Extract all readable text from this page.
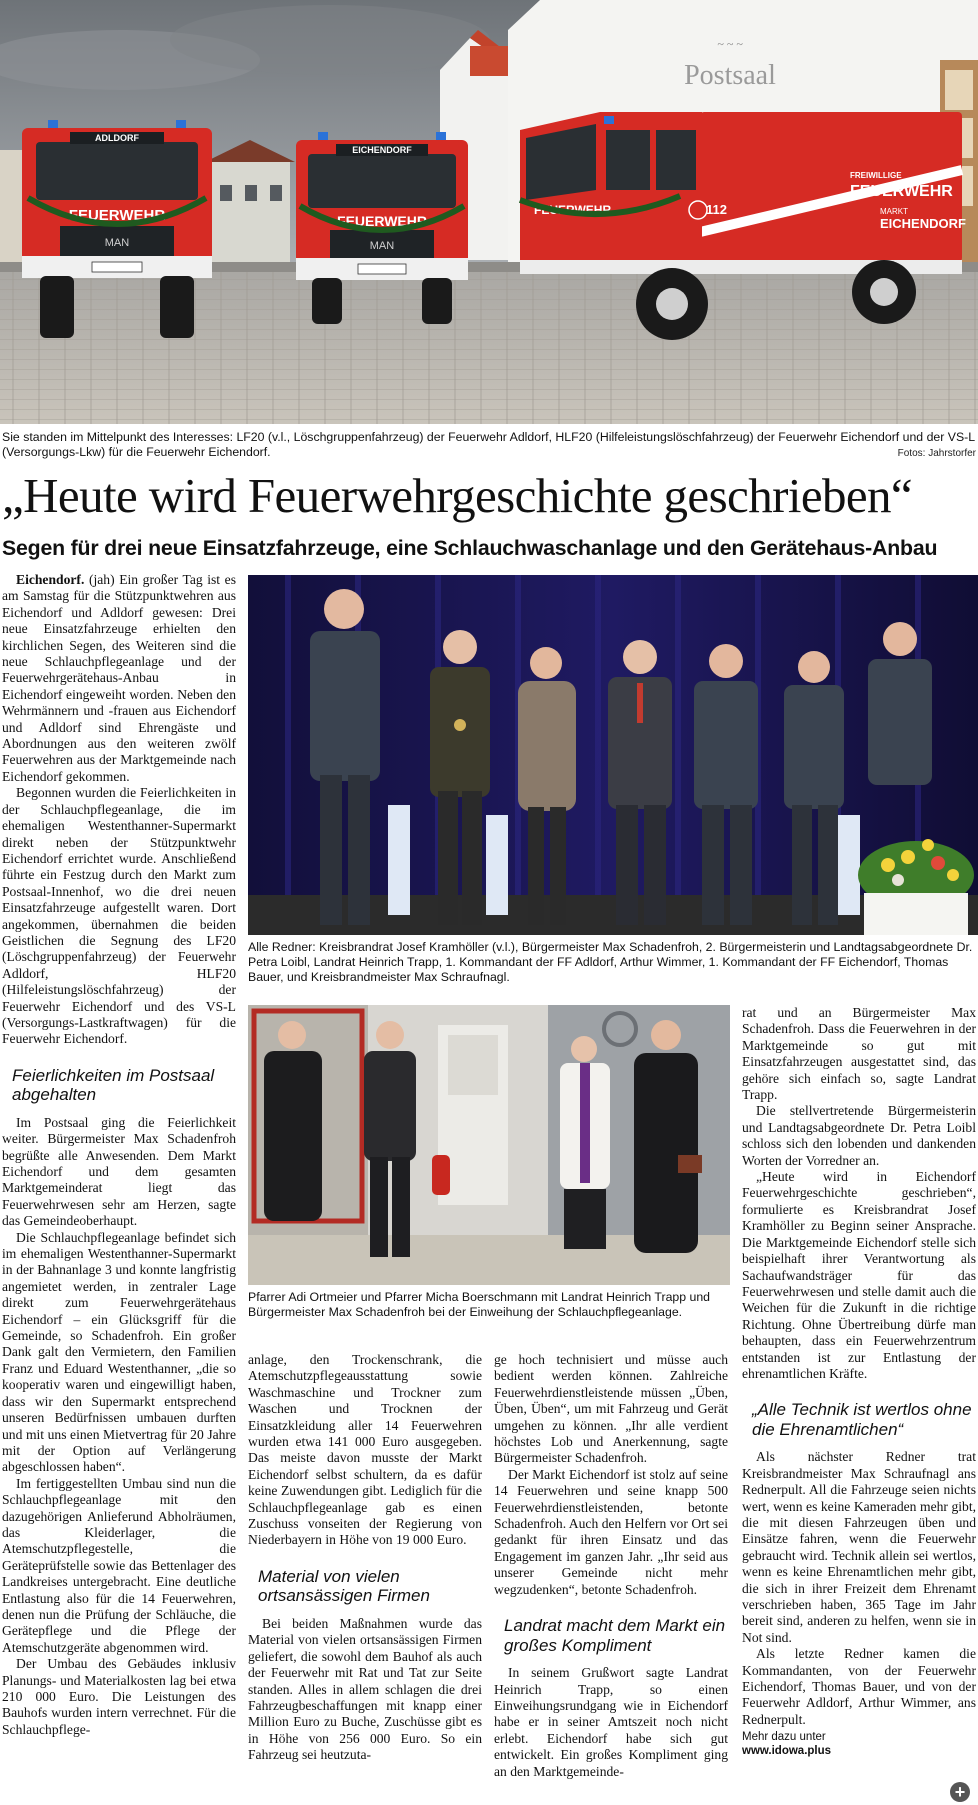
~ ~ ~
Postsaal
ADLDORF
FEUERWEHR
MAN
EICHENDORF
FEUERWEHR
MAN
FREIWILLIGE
FEUERWEHR
MARKT
EICHENDORF
FEUERWEHR	112
Sie standen im Mittelpunkt des Interesses: LF20 (v.l., Löschgruppenfahrzeug) der Feuerwehr Adldorf, HLF20 (Hilfeleistungslöschfahrzeug) der Feuerwehr Eichendorf und der VS-L (Versorgungs-Lkw) für die Feuerwehr Eichendorf.	Fotos: Jahrstorfer
„Heute wird Feuerwehrgeschichte geschrieben“
Segen für drei neue Einsatzfahrzeuge, eine Schlauchwaschanlage und den Gerätehaus-Anbau
Alle Redner: Kreisbrandrat Josef Kramhöller (v.l.), Bürgermeister Max Schadenfroh, 2. Bürgermeisterin und Landtagsabgeordnete Dr. Petra Loibl, Landrat Heinrich Trapp, 1. Kommandant der FF Adldorf, Arthur Wimmer, 1. Kommandant der FF Eichendorf, Thomas Bauer, und Kreisbrandmeister Max Schraufnagl.
Pfarrer Adi Ortmeier und Pfarrer Micha Boerschmann mit Landrat Heinrich Trapp und Bürgermeister Max Schadenfroh bei der Einweihung der Schlauchpflegeanlage.

Eichendorf. (jah) Ein großer Tag ist es am Samstag für die Stützpunktwehren aus Eichendorf und Adldorf gewesen: Drei neue Einsatzfahrzeuge erhielten den kirchlichen Segen, des Weiteren sind die neue Schlauchpflegeanlage und der Feuerwehrgerätehaus-Anbau in Eichendorf eingeweiht worden. Neben den Wehrmännern und -frauen aus Eichendorf und Adldorf sind Ehrengäste und Abordnungen aus den weiteren zwölf Feuerwehren aus der Marktgemeinde nach Eichendorf gekommen.

Begonnen wurden die Feierlichkeiten in der Schlauchpflegeanlage, die im ehemaligen Westenthanner-Supermarkt direkt neben der Stützpunktwehr Eichendorf errichtet wurde. Anschließend führte ein Festzug durch den Markt zum Postsaal-Innenhof, wo die drei neuen Einsatzfahrzeuge aufgestellt waren. Dort angekommen, übernahmen die beiden Geistlichen die Segnung des LF20 (Löschgruppenfahrzeug) der Feuerwehr Adldorf, HLF20 (Hilfeleistungslöschfahrzeug) der Feuerwehr Eichendorf und des VS-L (Versorgungs-Lastkraftwagen) für die Feuerwehr Eichendorf.

Feierlichkeiten im Postsaal abgehalten

Im Postsaal ging die Feierlichkeit weiter. Bürgermeister Max Schadenfroh begrüßte alle Anwesenden. Dem Markt Eichendorf und dem gesamten Marktgemeinderat liegt das Feuerwehrwesen sehr am Herzen, sagte das Gemeindeoberhaupt.

Die Schlauchpflegeanlage befindet sich im ehemaligen Westenthanner-Supermarkt in der Bahnanlage 3 und konnte langfristig angemietet werden, in zentraler Lage direkt zum Feuerwehrgerätehaus Eichendorf – ein Glücksgriff für die Gemeinde, so Schadenfroh. Ein großer Dank galt den Vermietern, den Familien Franz und Eduard Westenthanner, „die so kooperativ waren und eingewilligt haben, dass wir den Supermarkt entsprechend unseren Bedürfnissen umbauen durften und mit uns einen Mietvertrag für 20 Jahre mit der Option auf Verlängerung abgeschlossen haben“.

Im fertiggestellten Umbau sind nun die Schlauchpflegeanlage mit den dazugehörigen Anlieferund Abholräumen, das Kleiderlager, die Atemschutzpflegestelle, die Geräteprüfstelle sowie das Bettenlager des Landkreises untergebracht. Eine deutliche Entlastung also für die 14 Feuerwehren, denen nun die Prüfung der Schläuche, die Gerätepflege und die Pflege der Atemschutzgeräte abgenommen wird.

Der Umbau des Gebäudes inklusiv Planungs- und Materialkosten lag bei etwa 210 000 Euro. Die Leistungen des Bauhofs wurden intern verrechnet. Für die Schlauchpflege-

anlage, den Trockenschrank, die Atemschutzpflegeausstattung sowie Waschmaschine und Trockner zum Waschen und Trocknen der Einsatzkleidung aller 14 Feuerwehren wurden etwa 141 000 Euro ausgegeben. Das meiste davon musste der Markt Eichendorf selbst schultern, da es dafür keine Zuwendungen gibt. Lediglich für die Schlauchpflegeanlage gab es einen Zuschuss vonseiten der Regierung von Niederbayern in Höhe von 19 000 Euro.

Material von vielen ortsansässigen Firmen

Bei beiden Maßnahmen wurde das Material von vielen ortsansässigen Firmen geliefert, die sowohl dem Bauhof als auch der Feuerwehr mit Rat und Tat zur Seite standen. Alles in allem schlagen die drei Fahrzeugbeschaffungen mit knapp einer Million Euro zu Buche, Zuschüsse gibt es in Höhe von 256 000 Euro. So ein Fahrzeug sei heutzuta-

ge hoch technisiert und müsse auch bedient werden können. Zahlreiche Feuerwehrdienstleistende müssen „Üben, Üben, Üben“, um mit Fahrzeug und Gerät umgehen zu können. „Ihr alle verdient höchstes Lob und Anerkennung, sagte Bürgermeister Schadenfroh.

Der Markt Eichendorf ist stolz auf seine 14 Feuerwehren und seine knapp 500 Feuerwehrdienstleistenden, betonte Schadenfroh. Auch den Helfern vor Ort sei gedankt für ihren Einsatz und das Engagement im ganzen Jahr. „Ihr seid aus unserer Gemeinde nicht mehr wegzudenken“, betonte Schadenfroh.

Landrat macht dem Markt ein großes Kompliment

In seinem Grußwort sagte Landrat Heinrich Trapp, so einen Einweihungsrundgang wie in Eichendorf habe er in seiner Amtszeit noch nicht erlebt. Eichendorf habe sich gut entwickelt. Ein großes Kompliment ging an den Marktgemeinde-

rat und an Bürgermeister Max Schadenfroh. Dass die Feuerwehren in der Marktgemeinde so gut mit Einsatzfahrzeugen ausgestattet sind, das gehöre sich einfach so, sagte Landrat Trapp.

Die stellvertretende Bürgermeisterin und Landtagsabgeordnete Dr. Petra Loibl schloss sich den lobenden und dankenden Worten der Vorredner an.

„Heute wird in Eichendorf Feuerwehrgeschichte geschrieben“, formulierte es Kreisbrandrat Josef Kramhöller zu Beginn seiner Ansprache. Die Marktgemeinde Eichendorf stelle sich beispielhaft ihrer Verantwortung als Sachaufwandsträger für das Feuerwehrwesen und stelle damit auch die Weichen für die Zukunft in die richtige Richtung. Ohne Übertreibung dürfe man behaupten, dass ein Feuerwehrzentrum entstanden ist zur Entlastung der ehrenamtlichen Kräfte.

„Alle Technik ist wertlos ohne die Ehrenamtlichen“

Als nächster Redner trat Kreisbrandmeister Max Schraufnagl ans Rednerpult. All die Fahrzeuge seien nichts wert, wenn es keine Kameraden mehr gibt, die mit diesen Fahrzeugen üben und Einsätze fahren, wenn die Feuerwehr gebraucht wird. Technik allein sei wertlos, wenn es keine Ehrenamtlichen mehr gibt, die sich in ihrer Freizeit dem Ehrenamt verschrieben haben, 365 Tage im Jahr bereit sind, anderen zu helfen, wenn sie in Not sind.

Als letzte Redner kamen die Kommandanten, von der Feuerwehr Eichendorf, Thomas Bauer, und von der Feuerwehr Adldorf, Arthur Wimmer, ans Rednerpult.

Mehr dazu unter
www.idowa.plus
+
